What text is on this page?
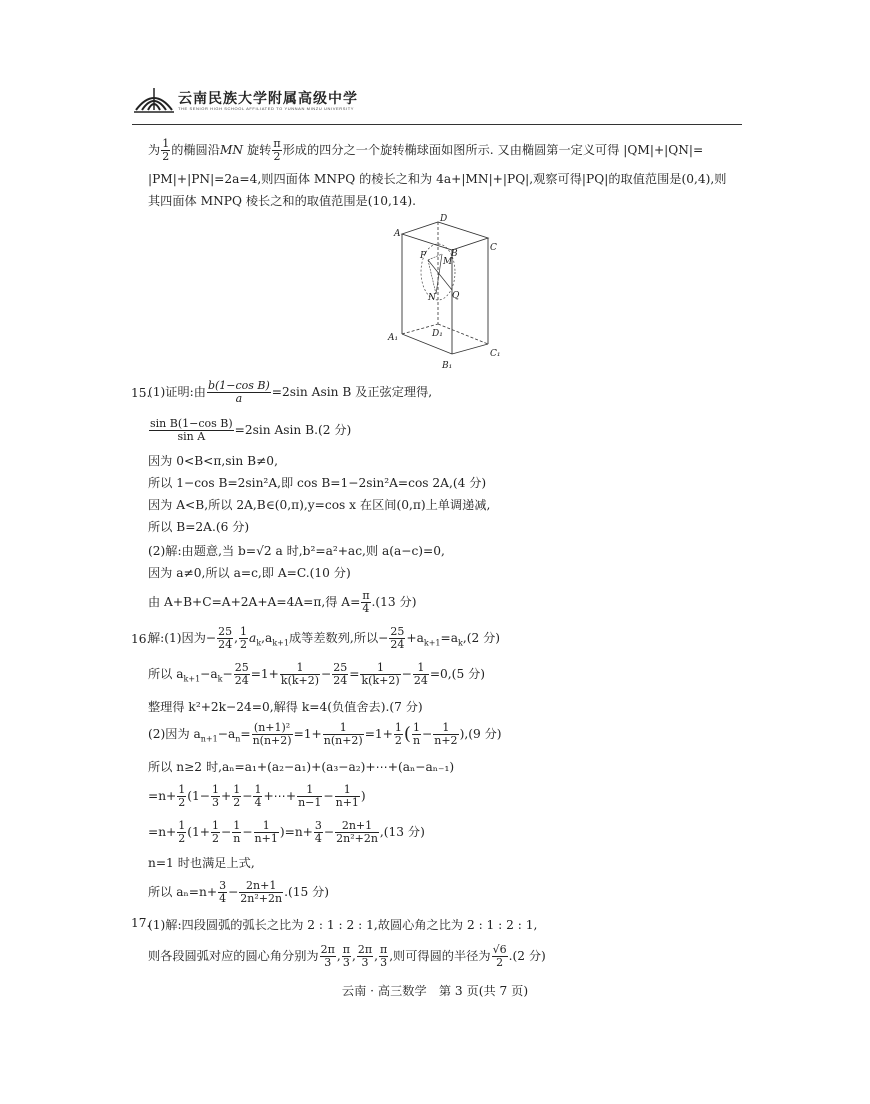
云南民族大学附属高级中学
THE SENIOR HIGH SCHOOL AFFILIATED TO YUNNAN MINZU UNIVERSITY
为 $\frac{1}{2}$ 的椭圆沿MN 旋转 $\frac{\pi}{2}$ 形成的四分之一个旋转椭球面如图所示. 又由椭圆第一定义可得 |QM|+|QN|=
|PM|+|PN|=2a=4,则四面体 MNPQ 的棱长之和为 4a+|MN|+|PQ|,观察可得|PQ|的取值范围是(0,4),则
其四面体 MNPQ 棱长之和的取值范围是(10,14).
A
D
B
C
P
M
N Q
A₁	D₁
C₁
B₁
15.
(1)证明:由 $\frac{\text{b(1−cos B)}}{a} =2\sin$ Asin B 及正弦定理得,
$\frac{\text{sin B(1−cos B)}}{\text{sin A}} =2\sin$ Asin B.(2 分)
因为 0<B<π,sin B≠0,
所以 1−cos B=2sin²A,即 cos B=1−2sin²A=cos 2A,(4 分)
因为 A<B,所以 2A,B∈(0,π),y=cos x 在区间(0,π)上单调递减,
所以 B=2A.(6 分)
(2)解:由题意,当 b=√2 a 时,b²=a²+ac,则 a(a−c)=0,
因为 a≠0,所以 a=c,即 A=C.(10 分)
由 A+B+C=A+2A+A=4A=π,得 $A= \frac{\pi}{4} .(13$ 分)
16.
解:(1)因为− $\frac{25}{24}$ , $\frac{1}{2} a_k,a_{k+1}$成等差数列,所以− $\frac{25}{24} +a_{k+1}=a_k,(2$ 分)
所以 $a_{k+1}-a_k- \frac{25}{24} =1+ \frac{1}{k(k+2)} - \frac{25}{24} = \frac{1}{k(k+2)} - \frac{1}{24} =0,(5$ 分)
整理得 k²+2k−24=0,解得 k=4(负值舍去).(7 分)
(2)因为 $a_{n+1}-a_n= \frac{\text{(n+1)²}}{n(n+2)} =1+ \frac{1}{n(n+2)} =1+ \frac{1}{2}$ ( $\frac{1}{n} - \frac{1}{n+2} ),(9$ 分)
所以 n≥2 时,aₙ=a₁+(a₂−a₁)+(a₃−a₂)+⋯+(aₙ−aₙ₋₁)
$=n+ \frac{1}{2} (1- \frac{1}{3} + \frac{1}{2} - \frac{1}{4}$ +⋯+ $\frac{1}{n-1} - \frac{1}{n+1}$ )
$=n+ \frac{1}{2} (1+ \frac{1}{2} - \frac{1}{n} - \frac{1}{n+1} )=n+ \frac{3}{4} - \frac{2n+1}{\text{2n²+2n}} ,(13$ 分)
n=1 时也满足上式,
所以 $a_n=n+ \frac{3}{4} - \frac{2n+1}{\text{2n²+2n}} .(15$ 分)
17.
(1)解:四段圆弧的弧长之比为 2 : 1 : 2 : 1,故圆心角之比为 2 : 1 : 2 : 1,
则各段圆弧对应的圆心角分别为 $\frac{2\pi}{3}$ , $\frac{\pi}{3}$ , $\frac{2\pi}{3}$ , $\frac{\pi}{3}$ ,则可得圆的半径为 $\frac{√6}{2} .(2$ 分)
云南 · 高三数学　第 3 页(共 7 页)
